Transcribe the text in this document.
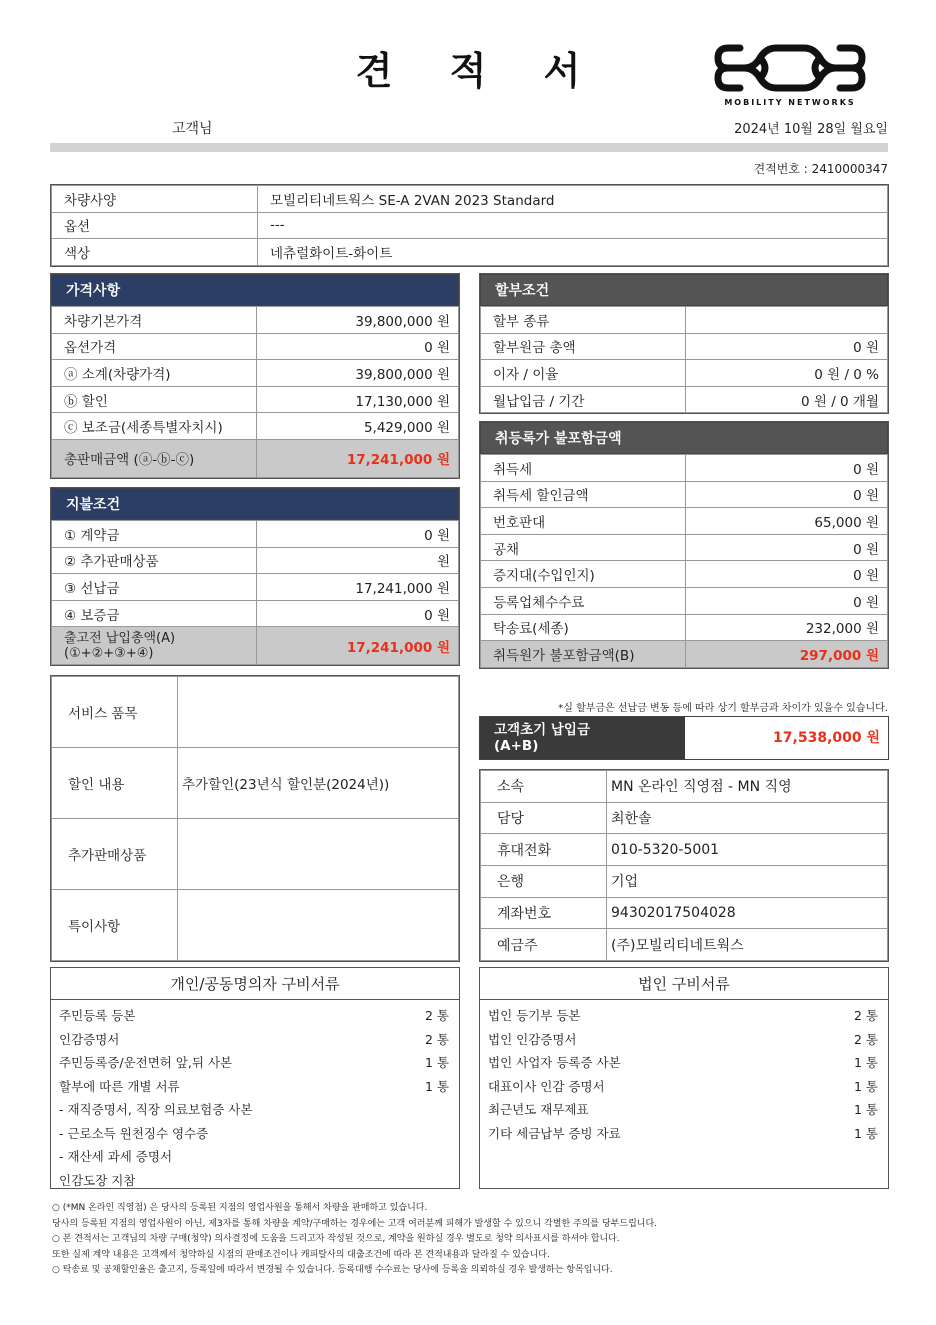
견 적 서
MOBILITY NETWORKS
고객님	2024년 10월 28일 월요일
견적번호 : 2410000347
차량사양	모빌리티네트웍스 SE-A 2VAN 2023 Standard
옵션	---
색상	네츄럴화이트-화이트
가격사항
차량기본가격	39,800,000 원
옵션가격	0 원
ⓐ 소계(차량가격)	39,800,000 원
ⓑ 할인	17,130,000 원
ⓒ 보조금(세종특별자치시)	5,429,000 원
총판매금액 (ⓐ-ⓑ-ⓒ)	17,241,000 원
지불조건
① 계약금	0 원
② 추가판매상품	원
③ 선납금	17,241,000 원
④ 보증금	0 원

출고전 납입총액(A)
(①+②+③+④)	17,241,000 원
할부조건
할부 종류	
할부원금 총액	0 원
이자 / 이율	0 원 / 0 %
월납입금 / 기간	0 원 / 0 개월
취등록가 불포함금액
취득세	0 원
취득세 할인금액	0 원
번호판대	65,000 원
공채	0 원
증지대(수입인지)	0 원
등록업체수수료	0 원
탁송료(세종)	232,000 원
취득원가 불포함금액(B)	297,000 원
서비스 품목	
할인 내용	추가할인(23년식 할인분(2024년))
추가판매상품	
특이사항	
*실 할부금은 선납금 변동 등에 따라 상기 할부금과 차이가 있을수 있습니다.
고객초기 납입금
(A+B)	17,538,000 원
소속	MN 온라인 직영점 - MN 직영
담당	최한솔
휴대전화	010-5320-5001
은행	기업
계좌번호	94302017504028
예금주	(주)모빌리티네트웍스
개인/공동명의자 구비서류
주민등록 등본	2 통
인감증명서	2 통
주민등록증/운전면허 앞,뒤 사본	1 통
할부에 따른 개별 서류	1 통
- 재직증명서, 직장 의료보험증 사본
- 근로소득 원천징수 영수증
- 재산세 과세 증명서
인감도장 지참
법인 구비서류
법인 등기부 등본	2 통
법인 인감증명서	2 통
법인 사업자 등록증 사본	1 통
대표이사 인감 증명서	1 통
최근년도 재무제표	1 통
기타 세금납부 증빙 자료	1 통
○ (*MN 온라인 직영점) 은 당사의 등록된 지점의 영업사원을 통해서 차량을 판매하고 있습니다.
당사의 등록된 지점의 영업사원이 아닌, 제3자를 통해 차량을 계약/구매하는 경우에는 고객 여러분께 피해가 발생할 수 있으니 각별한 주의를 당부드립니다.
○ 본 견적서는 고객님의 차량 구매(청약) 의사결정에 도움을 드리고자 작성된 것으로, 계약을 원하실 경우 별도로 청약 의사표시를 하셔야 합니다.
또한 실제 계약 내용은 고객께서 청약하실 시점의 판매조건이나 캐피탈사의 대출조건에 따라 본 견적내용과 달라질 수 있습니다.
○ 탁송료 및 공채할인율은 출고지, 등록일에 따라서 변경될 수 있습니다. 등록대행 수수료는 당사에 등록을 의뢰하실 경우 발생하는 항목입니다.
